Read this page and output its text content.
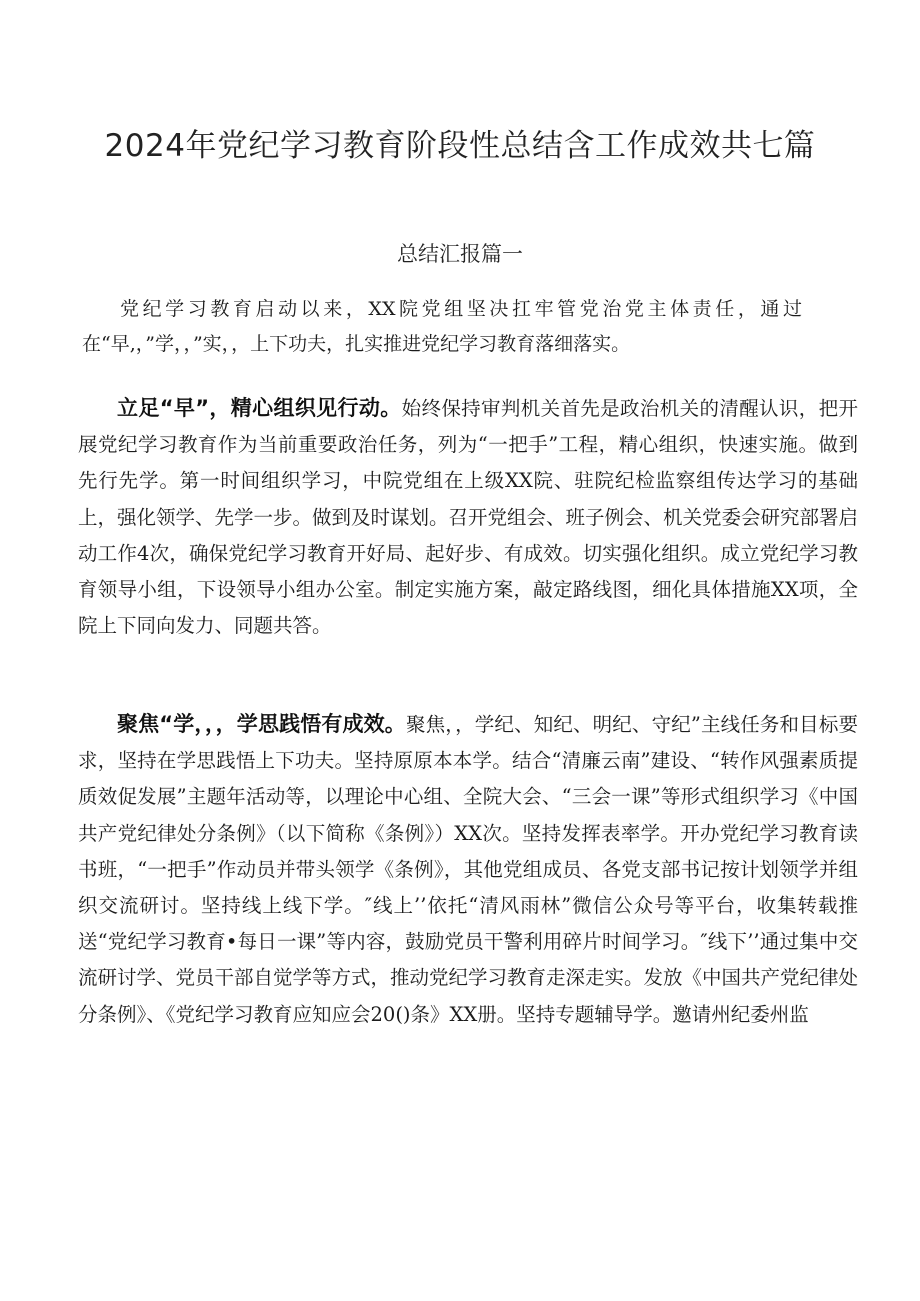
2024年党纪学习教育阶段性总结含工作成效共七篇
总结汇报篇一

党纪学习教育启动以来，XX院党组坚决扛牢管党治党主体责任，通过在“早,，”学，，”实，，上下功夫，扎实推进党纪学习教育落细落实。

立足“早”，精心组织见行动。始终保持审判机关首先是政治机关的清醒认识，把开展党纪学习教育作为当前重要政治任务，列为“一把手”工程，精心组织，快速实施。做到先行先学。第一时间组织学习，中院党组在上级XX院、驻院纪检监察组传达学习的基础上，强化领学、先学一步。做到及时谋划。召开党组会、班子例会、机关党委会研究部署启动工作4次，确保党纪学习教育开好局、起好步、有成效。切实强化组织。成立党纪学习教育领导小组，下设领导小组办公室。制定实施方案，敲定路线图，细化具体措施XX项，全院上下同向发力、同题共答。

聚焦“学，，，学思践悟有成效。聚焦，，学纪、知纪、明纪、守纪”主线任务和目标要求，坚持在学思践悟上下功夫。坚持原原本本学。结合“清廉云南”建设、“转作风强素质提质效促发展”主题年活动等，以理论中心组、全院大会、“三会一课”等形式组织学习《中国共产党纪律处分条例》（以下简称《条例》）XX次。坚持发挥表率学。开办党纪学习教育读书班，“一把手”作动员并带头领学《条例》，其他党组成员、各党支部书记按计划领学并组织交流研讨。坚持线上线下学。″线上’’依托“清风雨林”微信公众号等平台，收集转载推送“党纪学习教育•每日一课”等内容，鼓励党员干警利用碎片时间学习。″线下’’通过集中交流研讨学、党员干部自觉学等方式，推动党纪学习教育走深走实。发放《中国共产党纪律处分条例》、《党纪学习教育应知应会20()条》XX册。坚持专题辅导学。邀请州纪委州监
